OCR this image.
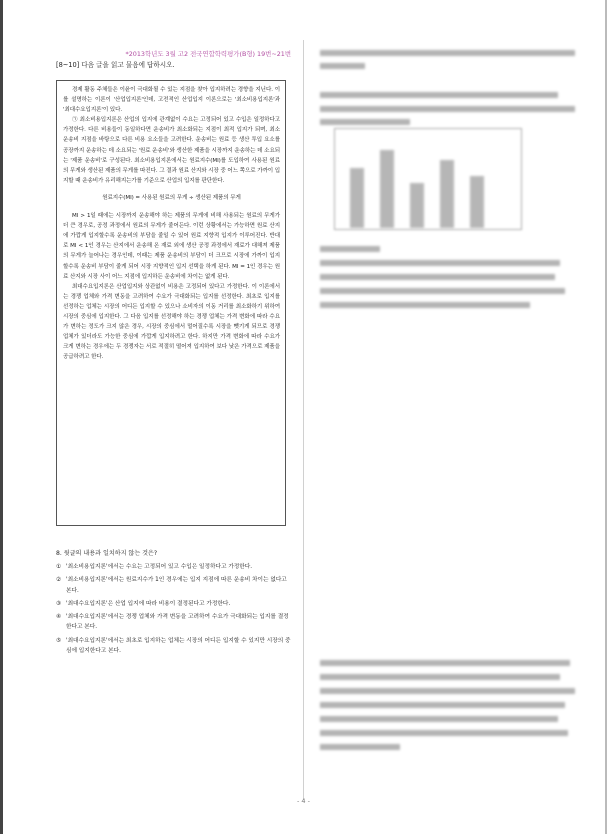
*2013학년도 3월 고2 전국연합학력평가(B형) 19번~21번
[8~10] 다음 글을 읽고 물음에 답하시오.

경제 활동 주체들은 이윤이 극대화될 수 있는 지점을 찾아 입지하려는 경향을 지닌다. 이를 설명하는 이론이 '산업입지론'인데, 고전적인 산업입지 이론으로는 '최소비용입지론'과 '최대수요입지론'이 있다.

㉠ 최소비용입지론은 산업의 입지에 관계없이 수요는 고정되어 있고 수입은 일정하다고 가정한다. 다른 비용들이 동일하다면 운송비가 최소화되는 지점이 최적 입지가 되며, 최소 운송비 지점을 바탕으로 다른 비용 요소들을 고려한다. 운송비는 원료 등 생산 투입 요소를 공장까지 운송하는 데 소요되는 '원료 운송비'와 생산한 제품을 시장까지 운송하는 데 소요되는 '제품 운송비'로 구성된다. 최소비용입지론에서는 원료지수(MI)를 도입하여 사용된 원료의 무게와 생산된 제품의 무게를 따진다. 그 결과 원료 산지와 시장 중 어느 쪽으로 가까이 입지할 때 운송비가 유리해지는가를 기준으로 산업의 입지를 판단한다.

원료지수(MI) = 사용된 원료의 무게 ÷ 생산된 제품의 무게

MI > 1일 때에는 시장까지 운송해야 하는 제품의 무게에 비해 사용되는 원료의 무게가 더 큰 경우로, 공정 과정에서 원료의 무게가 줄어든다. 이런 상황에서는 가능하면 원료 산지에 가깝게 입지할수록 운송비의 부담을 줄일 수 있어 원료 지향적 입지가 이루어진다. 반대로 MI < 1인 경우는 산지에서 운송해 온 재료 외에 생산 공정 과정에서 재료가 대해져 제품의 무게가 늘어나는 경우인데, 이때는 제품 운송비의 부담이 더 크므로 시장에 가까이 입지할수록 운송비 부담이 줄게 되어 시장 지향적인 입지 선택을 하게 된다. MI = 1인 경우는 원료 산지와 시장 사이 어느 지점에 입지하든 운송비에 차이는 없게 된다.

최대수요입지론은 산업입지와 상관없이 비용은 고정되어 있다고 가정한다. 이 이론에서는 경쟁 업체와 가격 변동을 고려하여 수요가 극대화되는 입지를 선정한다. 최초로 입지를 선정하는 업체는 시장의 어디든 입지할 수 있으나 소비자의 이동 거리를 최소화하기 위하여 시장의 중심에 입지한다. 그 다음 입지를 선정해야 하는 경쟁 업체는 가격 변화에 따라 수요가 변하는 정도가 크지 않은 경우, 시장의 중심에서 멀어질수록 시장을 뺏기게 되므로 경쟁 업체가 있더라도 가능한 중심에 가깝게 입지하려고 한다. 하지만 가격 변화에 따라 수요가 크게 변하는 경우에는 두 경쟁자는 서로 적절히 떨어져 입지하여 보다 낮은 가격으로 제품을 공급하려고 한다.

8. 윗글의 내용과 일치하지 않는 것은?
① '최소비용입지론'에서는 수요는 고정되어 있고 수입은 일정하다고 가정한다.
② '최소비용입지론'에서는 원료지수가 1인 경우에는 입지 지점에 따른 운송비 차이는 없다고 본다.
③ '최대수요입지론'은 산업 입지에 따라 비용이 결정된다고 가정한다.
④ '최대수요입지론'에서는 경쟁 업체와 가격 변동을 고려하여 수요가 극대화되는 입지를 결정한다고 본다.
⑤ '최대수요입지론'에서는 최초로 입지하는 업체는 시장의 어디든 입지할 수 있지만 시장의 중심에 입지한다고 본다.
- 4 -
